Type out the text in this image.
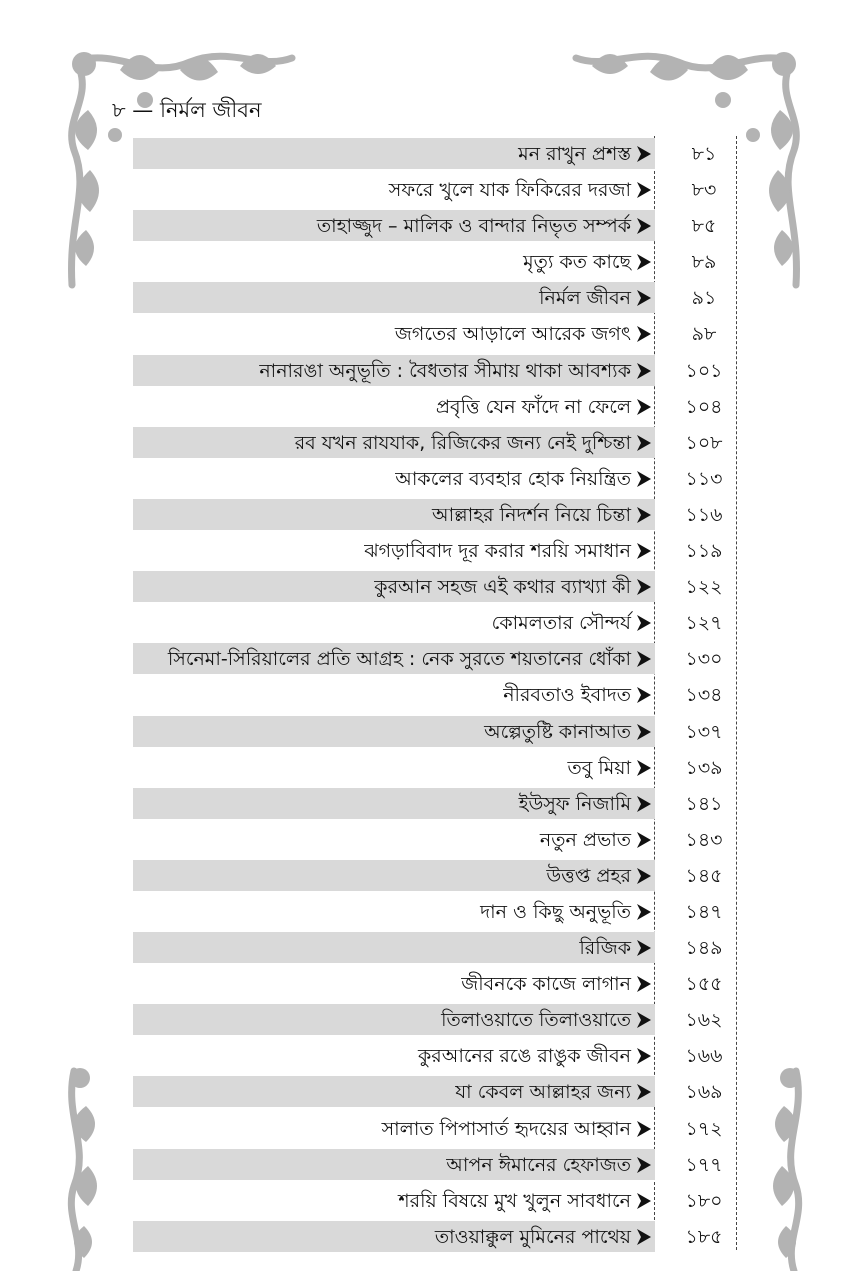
৮ — নির্মল জীবন
মন রাখুন প্রশস্ত	৮১
সফরে খুলে যাক ফিকিরের দরজা	৮৩
তাহাজ্জুদ – মালিক ও বান্দার নিভৃত সম্পর্ক	৮৫
মৃত্যু কত কাছে	৮৯
নির্মল জীবন	৯১
জগতের আড়ালে আরেক জগৎ	৯৮
নানারঙা অনুভূতি : বৈধতার সীমায় থাকা আবশ্যক	১০১
প্রবৃত্তি যেন ফাঁদে না ফেলে	১০৪
রব যখন রাযযাক, রিজিকের জন্য নেই দুশ্চিন্তা	১০৮
আকলের ব্যবহার হোক নিয়ন্ত্রিত	১১৩
আল্লাহর নিদর্শন নিয়ে চিন্তা	১১৬
ঝগড়াবিবাদ দূর করার শরয়ি সমাধান	১১৯
কুরআন সহজ এই কথার ব্যাখ্যা কী	১২২
কোমলতার সৌন্দর্য	১২৭
সিনেমা-সিরিয়ালের প্রতি আগ্রহ : নেক সুরতে শয়তানের ধোঁকা	১৩০
নীরবতাও ইবাদত	১৩৪
অল্পেতুষ্টি কানাআত	১৩৭
তবু মিয়া	১৩৯
ইউসুফ নিজামি	১৪১
নতুন প্রভাত	১৪৩
উত্তপ্ত প্রহর	১৪৫
দান ও কিছু অনুভূতি	১৪৭
রিজিক	১৪৯
জীবনকে কাজে লাগান	১৫৫
তিলাওয়াতে তিলাওয়াতে	১৬২
কুরআনের রঙে রাঙুক জীবন	১৬৬
যা কেবল আল্লাহর জন্য	১৬৯
সালাত পিপাসার্ত হৃদয়ের আহ্বান	১৭২
আপন ঈমানের হেফাজত	১৭৭
শরয়ি বিষয়ে মুখ খুলুন সাবধানে	১৮০
তাওয়াক্কুল মুমিনের পাথেয়	১৮৫
